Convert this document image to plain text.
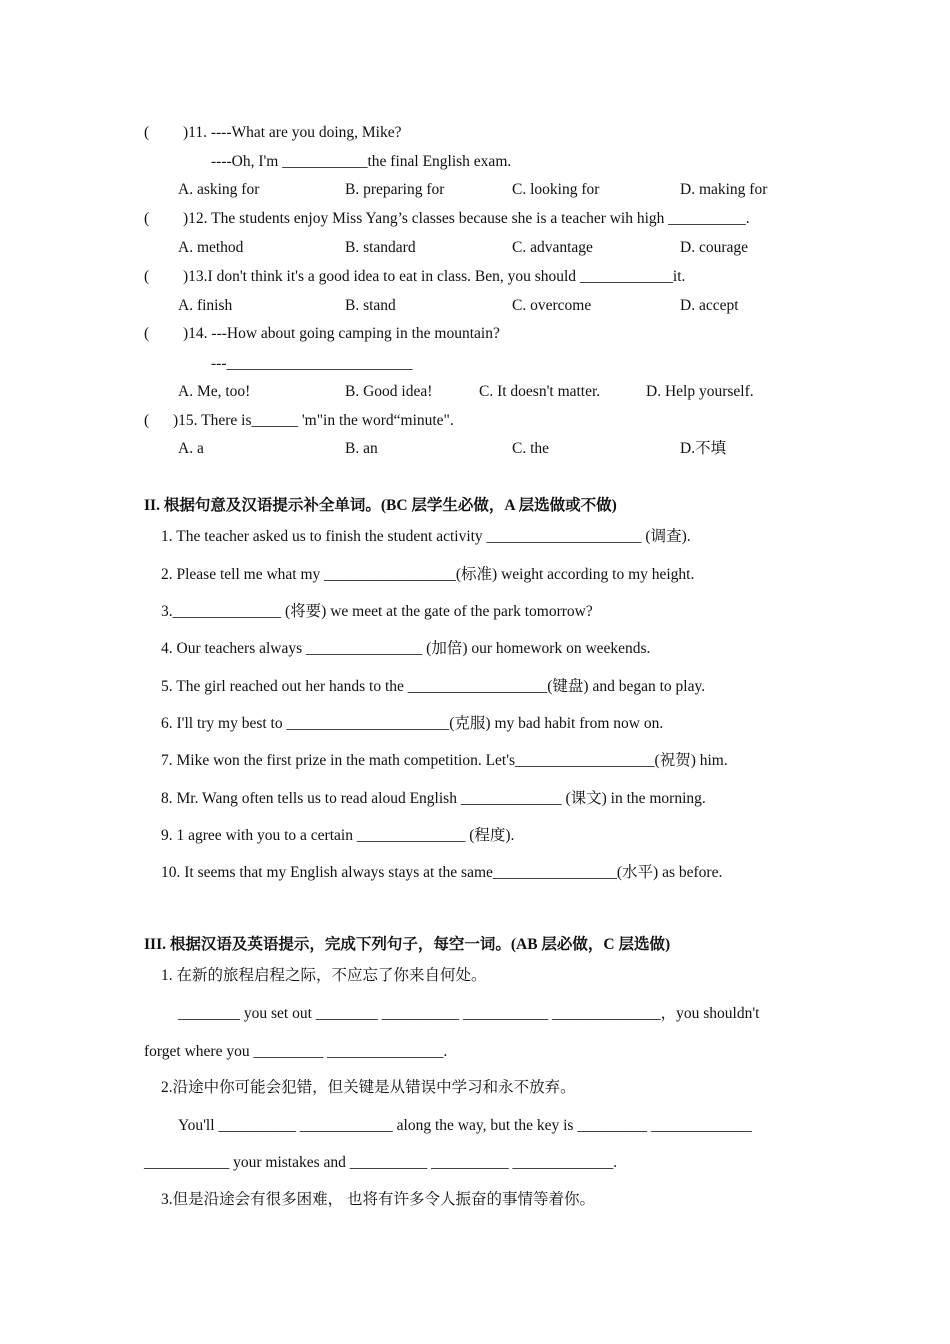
( )11. ----What are you doing, Mike?
----Oh, I'm ___________the final English exam.
A. asking for	B. preparing for	C. looking for	D. making for
( )12. The students enjoy Miss Yang’s classes because she is a teacher wih high __________.
A. method	B. standard	C. advantage	D. courage
( )13.I don't think it's a good idea to eat in class. Ben, you should ____________it.
A. finish	B. stand	C. overcome	D. accept
( )14. ---How about going camping in the mountain?
---________________________
A. Me, too!	B. Good idea!	C. It doesn't matter.	D. Help yourself.
( )15. There is______ 'm"in the word“minute".
A. a	B. an	C. the	D.不填
II. 根据句意及汉语提示补全单词。(BC 层学生必做，A 层选做或不做)
1. The teacher asked us to finish the student activity ____________________ (调查).
2. Please tell me what my _________________(标准) weight according to my height.
3.______________ (将要) we meet at the gate of the park tomorrow?
4. Our teachers always _______________ (加倍) our homework on weekends.
5. The girl reached out her hands to the __________________(键盘) and began to play.
6. I'll try my best to _____________________(克服) my bad habit from now on.
7. Mike won the first prize in the math competition. Let's__________________(祝贺) him.
8. Mr. Wang often tells us to read aloud English _____________ (课文) in the morning.
9. 1 agree with you to a certain ______________ (程度).
10. It seems that my English always stays at the same________________(水平) as before.
III. 根据汉语及英语提示，完成下列句子，每空一词。(AB 层必做，C 层选做)
1. 在新的旅程启程之际，不应忘了你来自何处。
________ you set out ________ __________ ___________ ______________，you shouldn't
forget where you _________ _______________.
2.沿途中你可能会犯错，但关键是从错误中学习和永不放弃。
You'll __________ ____________ along the way, but the key is _________ _____________
___________ your mistakes and __________ __________ _____________.
3.但是沿途会有很多困难， 也将有许多令人振奋的事情等着你。
